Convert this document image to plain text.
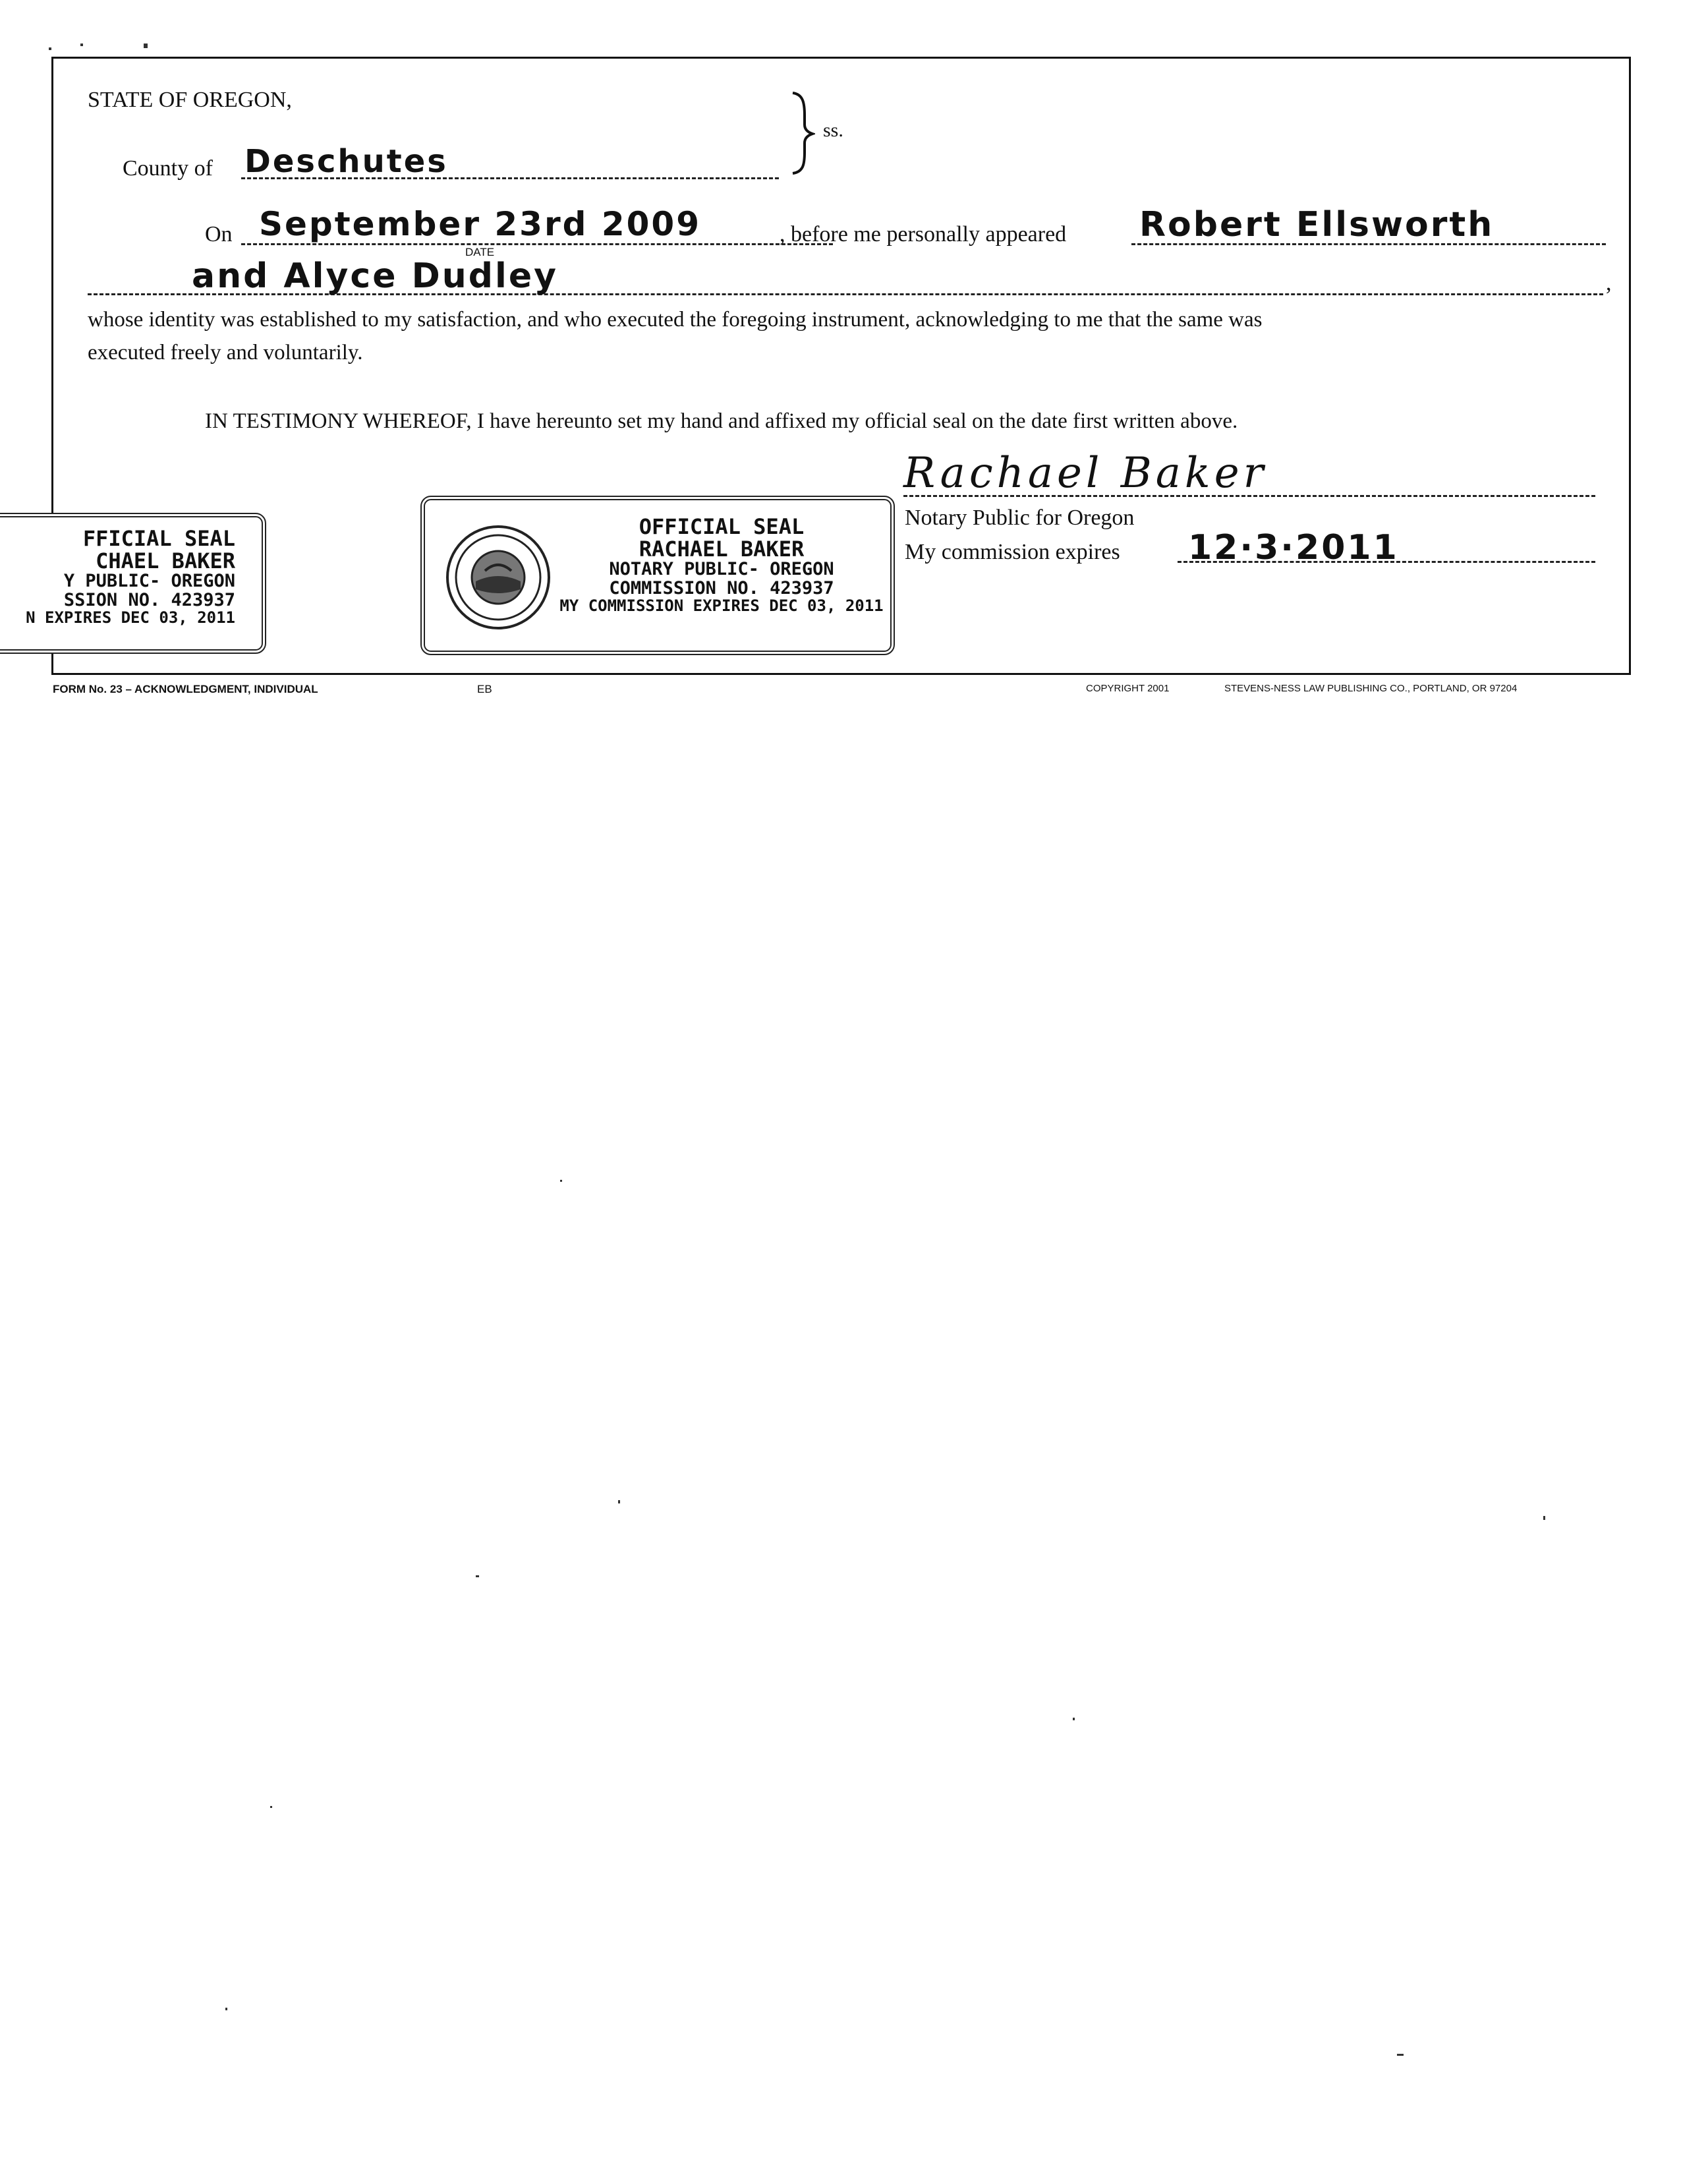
STATE OF OREGON,
County of Deschutes
ss.
On September 23rd 2009
DATE
, before me personally appeared Robert Ellsworth
,
and Alyce Dudley
whose identity was established to my satisfaction, and who executed the foregoing instrument, acknowledging to me that the same was
executed freely and voluntarily.
IN TESTIMONY WHEREOF, I have hereunto set my hand and affixed my official seal on the date first written above.
Rachael Baker
Notary Public for Oregon
My commission expires 12·3·2011
FFICIAL SEAL
CHAEL BAKER
Y PUBLIC- OREGON
SSION NO. 423937
N EXPIRES DEC 03, 2011
OFFICIAL SEAL
RACHAEL BAKER
NOTARY PUBLIC- OREGON
COMMISSION NO. 423937
MY COMMISSION EXPIRES DEC 03, 2011
FORM No. 23 – ACKNOWLEDGMENT, INDIVIDUAL	EB	COPYRIGHT 2001	STEVENS-NESS LAW PUBLISHING CO., PORTLAND, OR 97204
